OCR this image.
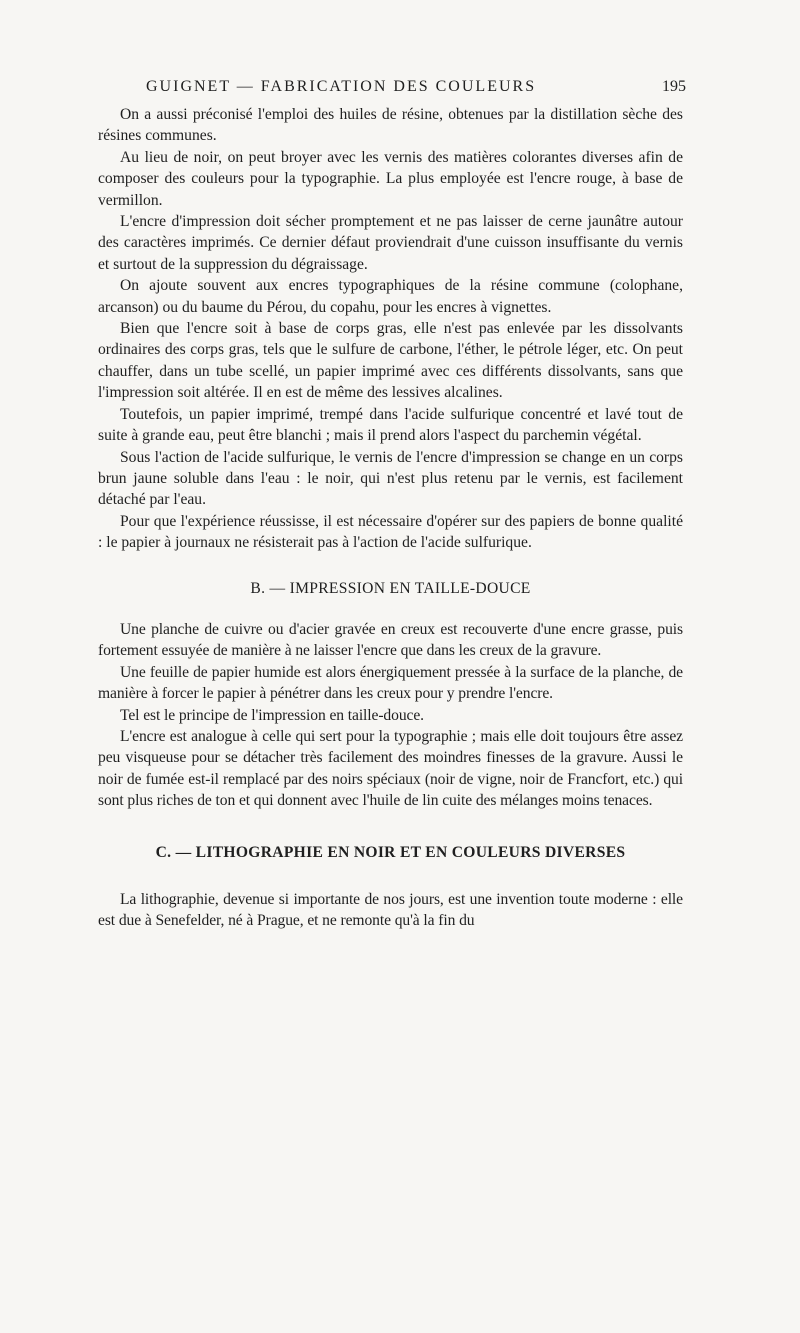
GUIGNET — FABRICATION DES COULEURS	195

On a aussi préconisé l'emploi des huiles de résine, obtenues par la distillation sèche des résines communes.

Au lieu de noir, on peut broyer avec les vernis des matières colorantes diverses afin de composer des couleurs pour la typographie. La plus employée est l'encre rouge, à base de vermillon.

L'encre d'impression doit sécher promptement et ne pas laisser de cerne jaunâtre autour des caractères imprimés. Ce dernier défaut proviendrait d'une cuisson insuffisante du vernis et surtout de la suppression du dégraissage.

On ajoute souvent aux encres typographiques de la résine commune (colophane, arcanson) ou du baume du Pérou, du copahu, pour les encres à vignettes.

Bien que l'encre soit à base de corps gras, elle n'est pas enlevée par les dissolvants ordinaires des corps gras, tels que le sulfure de carbone, l'éther, le pétrole léger, etc. On peut chauffer, dans un tube scellé, un papier imprimé avec ces différents dissolvants, sans que l'impression soit altérée. Il en est de même des lessives alcalines.

Toutefois, un papier imprimé, trempé dans l'acide sulfurique concentré et lavé tout de suite à grande eau, peut être blanchi ; mais il prend alors l'aspect du parchemin végétal.

Sous l'action de l'acide sulfurique, le vernis de l'encre d'impression se change en un corps brun jaune soluble dans l'eau : le noir, qui n'est plus retenu par le vernis, est facilement détaché par l'eau.

Pour que l'expérience réussisse, il est nécessaire d'opérer sur des papiers de bonne qualité : le papier à journaux ne résisterait pas à l'action de l'acide sulfurique.

B. — IMPRESSION EN TAILLE-DOUCE

Une planche de cuivre ou d'acier gravée en creux est recouverte d'une encre grasse, puis fortement essuyée de manière à ne laisser l'encre que dans les creux de la gravure.

Une feuille de papier humide est alors énergiquement pressée à la surface de la planche, de manière à forcer le papier à pénétrer dans les creux pour y prendre l'encre.

Tel est le principe de l'impression en taille-douce.

L'encre est analogue à celle qui sert pour la typographie ; mais elle doit toujours être assez peu visqueuse pour se détacher très facilement des moindres finesses de la gravure. Aussi le noir de fumée est-il remplacé par des noirs spéciaux (noir de vigne, noir de Francfort, etc.) qui sont plus riches de ton et qui donnent avec l'huile de lin cuite des mélanges moins tenaces.

C. — LITHOGRAPHIE EN NOIR ET EN COULEURS DIVERSES

La lithographie, devenue si importante de nos jours, est une invention toute moderne : elle est due à Senefelder, né à Prague, et ne remonte qu'à la fin du
